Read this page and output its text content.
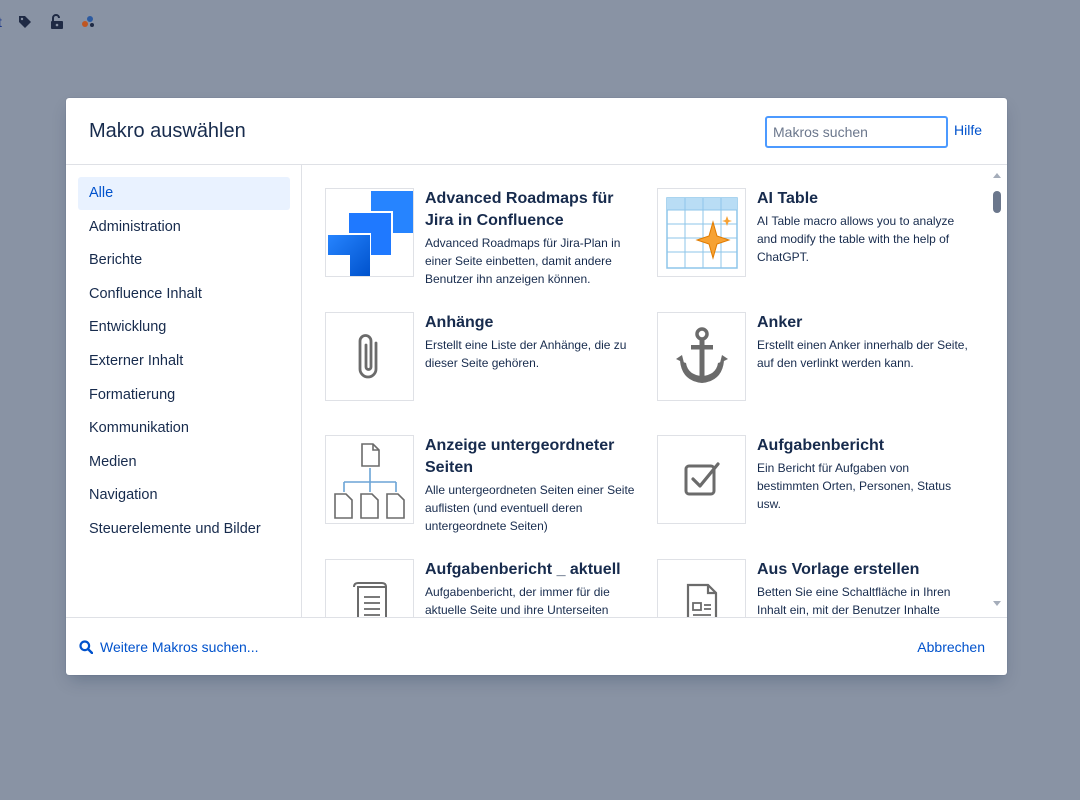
Makro auswählen
Makros suchen	Hilfe
Alle
Administration
Berichte
Confluence Inhalt
Entwicklung
Externer Inhalt
Formatierung
Kommunikation
Medien
Navigation
Steuerelemente und Bilder
Advanced Roadmaps für Jira in Confluence
Advanced Roadmaps für Jira-Plan in einer Seite einbetten, damit andere Benutzer ihn anzeigen können.
AI Table
AI Table macro allows you to analyze and modify the table with the help of ChatGPT.
Anhänge
Erstellt eine Liste der Anhänge, die zu dieser Seite gehören.
Anker
Erstellt einen Anker innerhalb der Seite, auf den verlinkt werden kann.
Anzeige untergeordneter Seiten
Alle untergeordneten Seiten einer Seite auflisten (und eventuell deren untergeordnete Seiten)
Aufgabenbericht
Ein Bericht für Aufgaben von bestimmten Orten, Personen, Status usw.
Aufgabenbericht _ aktuell
Aufgabenbericht, der immer für die aktuelle Seite und ihre Unterseiten
Aus Vorlage erstellen
Betten Sie eine Schaltfläche in Ihren Inhalt ein, mit der Benutzer Inhalte
Weitere Makros suchen...	Abbrechen
